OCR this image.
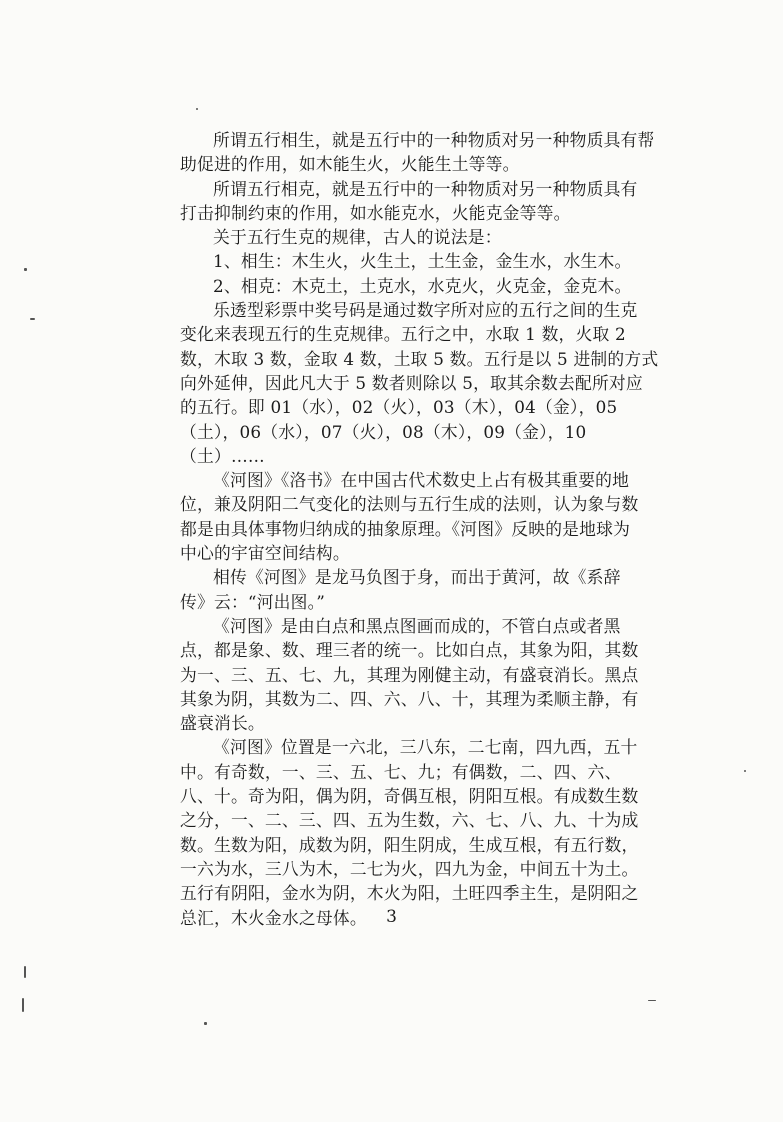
所谓五行相生，就是五行中的一种物质对另一种物质具有帮
助促进的作用，如木能生火，火能生土等等。
所谓五行相克，就是五行中的一种物质对另一种物质具有
打击抑制约束的作用，如水能克水，火能克金等等。
关于五行生克的规律，古人的说法是：
1、相生：木生火，火生土，土生金，金生水，水生木。
2、相克：木克土，土克水，水克火，火克金，金克木。
乐透型彩票中奖号码是通过数字所对应的五行之间的生克
变化来表现五行的生克规律。五行之中，水取 1 数，火取 2
数，木取 3 数，金取 4 数，土取 5 数。五行是以 5 进制的方式
向外延伸，因此凡大于 5 数者则除以 5，取其余数去配所对应
的五行。即 01（水），02（火），03（木），04（金），05
（土），06（水），07（火），08（木），09（金），10
（土）……
《河图》《洛书》在中国古代术数史上占有极其重要的地
位，兼及阴阳二气变化的法则与五行生成的法则，认为象与数
都是由具体事物归纳成的抽象原理。《河图》反映的是地球为
中心的宇宙空间结构。
相传《河图》是龙马负图于身，而出于黄河，故《系辞
传》云：“河出图。”
《河图》是由白点和黑点图画而成的，不管白点或者黑
点，都是象、数、理三者的统一。比如白点，其象为阳，其数
为一、三、五、七、九，其理为刚健主动，有盛衰消长。黑点
其象为阴，其数为二、四、六、八、十，其理为柔顺主静，有
盛衰消长。
《河图》位置是一六北，三八东，二七南，四九西，五十
中。有奇数，一、三、五、七、九；有偶数，二、四、六、
八、十。奇为阳，偶为阴，奇偶互根，阴阳互根。有成数生数
之分，一、二、三、四、五为生数，六、七、八、九、十为成
数。生数为阳，成数为阴，阳生阴成，生成互根，有五行数，
一六为水，三八为木，二七为火，四九为金，中间五十为土。
五行有阴阳，金水为阴，木火为阳，土旺四季主生，是阴阳之
总汇，木火金水之母体。	3
